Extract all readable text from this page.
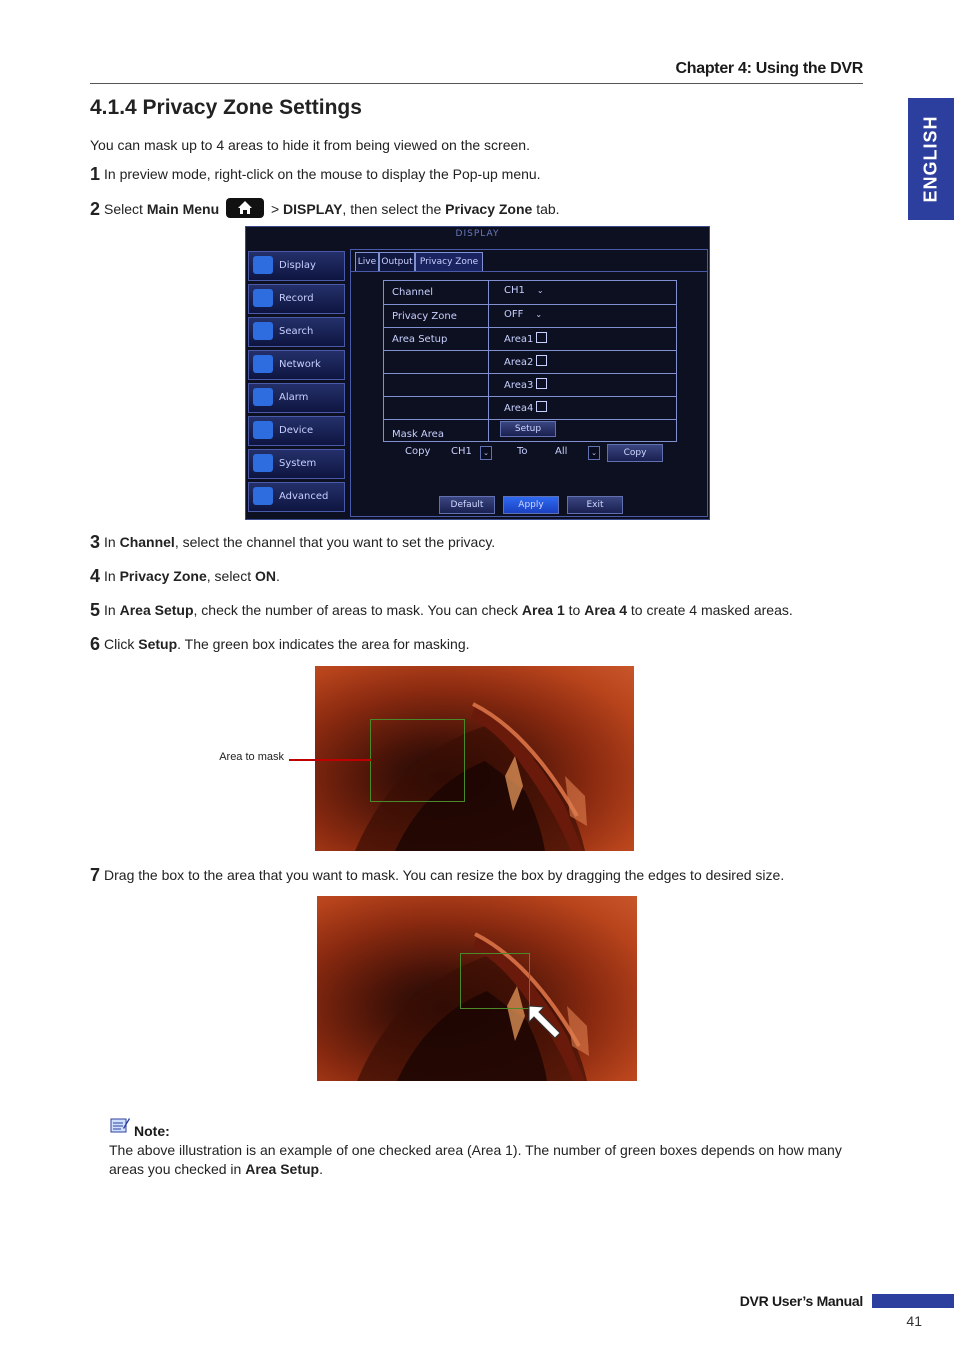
Chapter 4: Using the DVR
ENGLISH
4.1.4 Privacy Zone Settings
You can mask up to 4 areas to hide it from being viewed on the screen.
1 In preview mode, right-click on the mouse to display the Pop-up menu.
2 Select Main Menu	> DISPLAY, then select the Privacy Zone tab.
DISPLAY
Display
Record
Search
Network
Alarm
Device
System
Advanced
Live Output Privacy Zone
Channel	CH1 ⌄
Privacy Zone	OFF ⌄
Area Setup	Area1
Area2
Area3
Area4
Mask Area	Setup
Copy CH1	⌄	To	All	⌄	Copy
Default	Apply	Exit
3 In Channel, select the channel that you want to set the privacy.
4 In Privacy Zone, select ON.
5 In Area Setup, check the number of areas to mask. You can check Area 1 to Area 4 to create 4 masked areas.
6 Click Setup. The green box indicates the area for masking.
Area to mask
7 Drag the box to the area that you want to mask. You can resize the box by dragging the edges to desired size.
Note:
The above illustration is an example of one checked area (Area 1). The number of green boxes depends on how many areas you checked in Area Setup.
DVR User’s Manual
41
